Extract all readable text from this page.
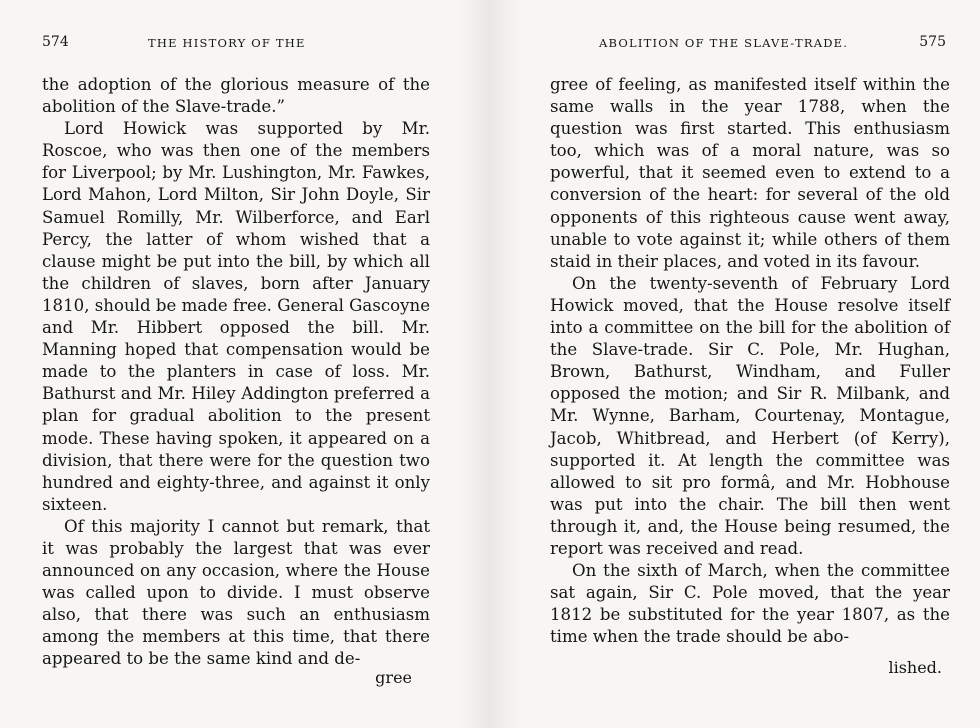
574	THE HISTORY OF THE

the adoption of the glorious measure of the abolition of the Slave-trade.”

Lord Howick was supported by Mr. Roscoe, who was then one of the members for Liverpool; by Mr. Lushington, Mr. Fawkes, Lord Mahon, Lord Milton, Sir John Doyle, Sir Samuel Romilly, Mr. Wilberforce, and Earl Percy, the latter of whom wished that a clause might be put into the bill, by which all the children of slaves, born after January 1810, should be made free. General Gascoyne and Mr. Hibbert opposed the bill. Mr. Manning hoped that compensation would be made to the planters in case of loss. Mr. Bathurst and Mr. Hiley Addington preferred a plan for gradual abolition to the present mode. These having spoken, it appeared on a division, that there were for the question two hundred and eighty-three, and against it only sixteen.

Of this majority I cannot but remark, that it was probably the largest that was ever announced on any occasion, where the House was called upon to divide. I must observe also, that there was such an enthusiasm among the members at this time, that there appeared to be the same kind and de-

gree
ABOLITION OF THE SLAVE-TRADE.	575

gree of feeling, as manifested itself within the same walls in the year 1788, when the question was first started. This enthusiasm too, which was of a moral nature, was so powerful, that it seemed even to extend to a conversion of the heart: for several of the old opponents of this righteous cause went away, unable to vote against it; while others of them staid in their places, and voted in its favour.

On the twenty-seventh of February Lord Howick moved, that the House resolve itself into a committee on the bill for the abolition of the Slave-trade. Sir C. Pole, Mr. Hughan, Brown, Bathurst, Windham, and Fuller opposed the motion; and Sir R. Milbank, and Mr. Wynne, Barham, Courtenay, Montague, Jacob, Whitbread, and Herbert (of Kerry), supported it. At length the committee was allowed to sit pro formâ, and Mr. Hobhouse was put into the chair. The bill then went through it, and, the House being resumed, the report was received and read.

On the sixth of March, when the committee sat again, Sir C. Pole moved, that the year 1812 be substituted for the year 1807, as the time when the trade should be abo-

lished.
